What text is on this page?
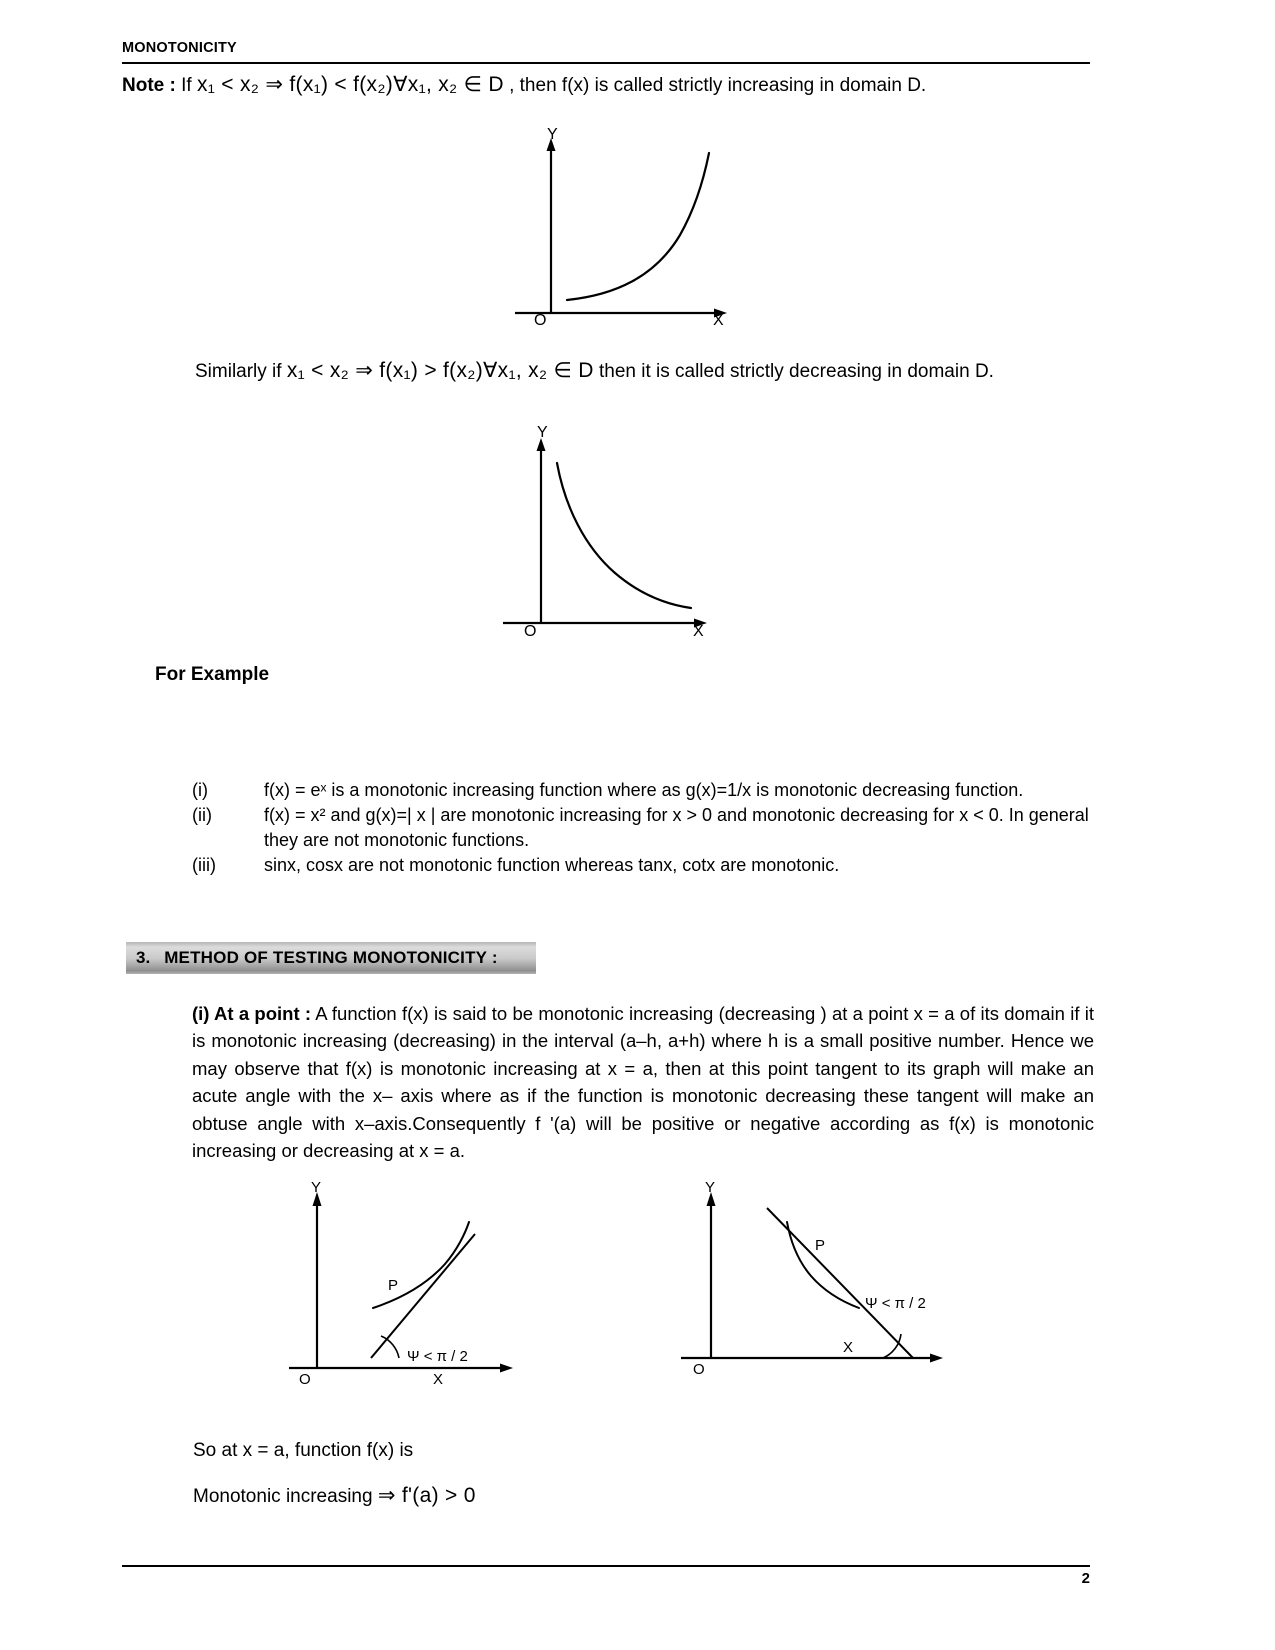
MONOTONICITY
Note : If x₁ < x₂ ⇒ f(x₁) < f(x₂)∀x₁, x₂ ∈ D , then f(x) is called strictly increasing in domain D.
Y
X
O
Similarly if x₁ < x₂ ⇒ f(x₁) > f(x₂)∀x₁, x₂ ∈ D then it is called strictly decreasing in domain D.
Y
X
O
For Example
(i)	f(x) = eˣ is a monotonic increasing function where as g(x)=1/x is monotonic decreasing function.
(ii)	f(x) = x² and g(x)=| x | are monotonic increasing for x > 0 and monotonic decreasing for x < 0. In general they are not monotonic functions.
(iii)	sinx, cosx are not monotonic function whereas tanx, cotx are monotonic.
3. METHOD OF TESTING MONOTONICITY :
(i) At a point : A function f(x) is said to be monotonic increasing (decreasing ) at a point x = a of its domain if it is monotonic increasing (decreasing) in the interval (a–h, a+h) where h is a small positive number. Hence we may observe that f(x) is monotonic increasing at x = a, then at this point tangent to its graph will make an acute angle with the x– axis where as if the function is monotonic decreasing these tangent will make an obtuse angle with x–axis.Consequently f '(a) will be positive or negative according as f(x) is monotonic increasing or decreasing at x = a.
Y
X
O
P
Ψ < π / 2
Y
X
O
P
Ψ < π / 2
So at x = a, function f(x) is
Monotonic increasing ⇒ f'(a) > 0
2
